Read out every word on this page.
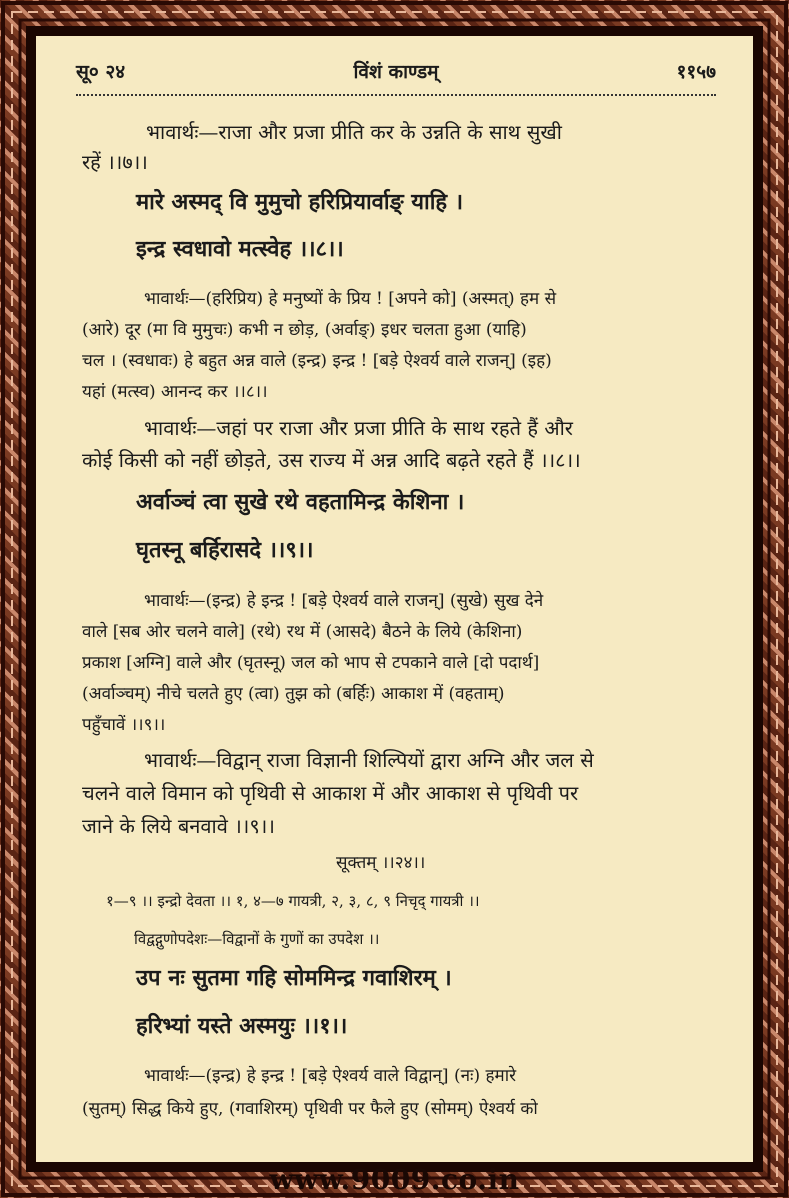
सू० २४	विंशं काण्डम्	११५७
भावार्थः—राजा और प्रजा प्रीति कर के उन्नति के साथ सुखी
रहें ।।७।।
मारे अस्मद् वि मुमुचो हरिप्रियार्वाङ् याहि ।
इन्द्र स्वधावो मत्स्वेह ।।८।।
भावार्थः—(हरिप्रिय) हे मनुष्यों के प्रिय ! [अपने को] (अस्मत्) हम से
(आरे) दूर (मा वि मुमुचः) कभी न छोड़, (अर्वाङ्) इधर चलता हुआ (याहि)
चल । (स्वधावः) हे बहुत अन्न वाले (इन्द्र) इन्द्र ! [बड़े ऐश्वर्य वाले राजन्] (इह)
यहां (मत्स्व) आनन्द कर ।।८।।
भावार्थः—जहां पर राजा और प्रजा प्रीति के साथ रहते हैं और
कोई किसी को नहीं छोड़ते, उस राज्य में अन्न आदि बढ़ते रहते हैं ।।८।।
अर्वाञ्चं त्वा सुखे रथे वहतामिन्द्र केशिना ।
घृतस्नू बर्हिरासदे ।।९।।
भावार्थः—(इन्द्र) हे इन्द्र ! [बड़े ऐश्वर्य वाले राजन्] (सुखे) सुख देने
वाले [सब ओर चलने वाले] (रथे) रथ में (आसदे) बैठने के लिये (केशिना)
प्रकाश [अग्नि] वाले और (घृतस्नू) जल को भाप से टपकाने वाले [दो पदार्थ]
(अर्वाञ्चम्) नीचे चलते हुए (त्वा) तुझ को (बर्हिः) आकाश में (वहताम्)
पहुँचावें ।।९।।
भावार्थः—विद्वान् राजा विज्ञानी शिल्पियों द्वारा अग्नि और जल से
चलने वाले विमान को पृथिवी से आकाश में और आकाश से पृथिवी पर
जाने के लिये बनवावे ।।९।।
सूक्तम् ।।२४।।
१—९ ।। इन्द्रो देवता ।। १, ४—७ गायत्री, २, ३, ८, ९ निचृद् गायत्री ।।
विद्वद्गुणोपदेशः—विद्वानों के गुणों का उपदेश ।।
उप नः सुतमा गहि सोममिन्द्र गवाशिरम् ।
हरिभ्यां यस्ते अस्मयुः ।।१।।
भावार्थः—(इन्द्र) हे इन्द्र ! [बड़े ऐश्वर्य वाले विद्वान्] (नः) हमारे
(सुतम्) सिद्ध किये हुए, (गवाशिरम्) पृथिवी पर फैले हुए (सोमम्) ऐश्वर्य को
www.9009.co.in
